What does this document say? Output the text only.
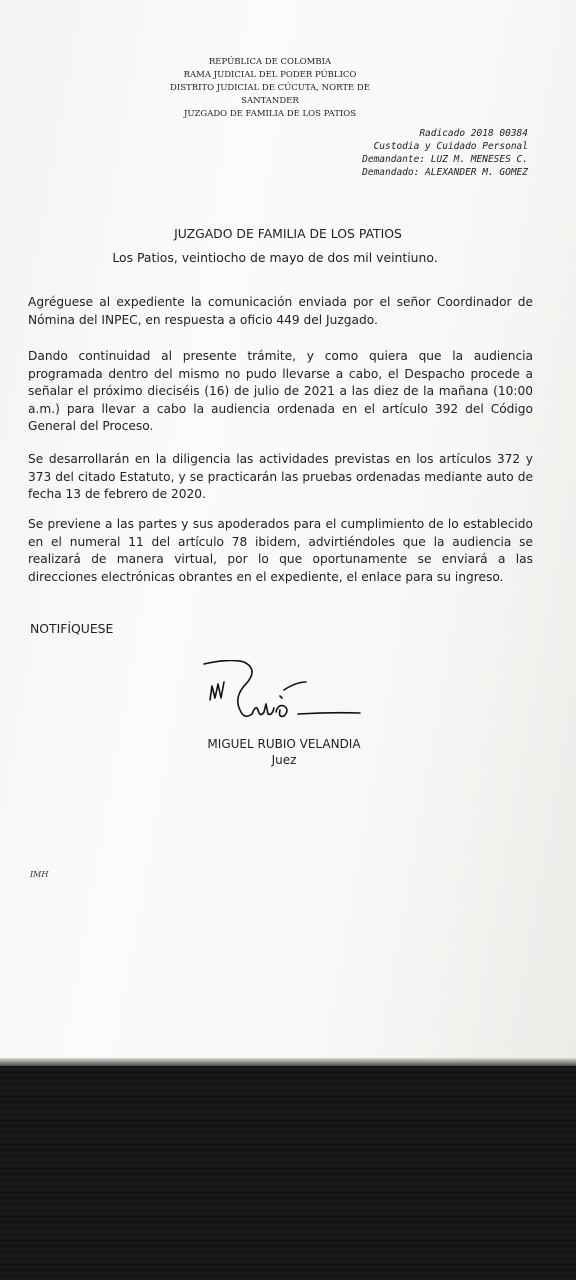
REPÚBLICA DE COLOMBIA
RAMA JUDICIAL DEL PODER PÚBLICO
DISTRITO JUDICIAL DE CÚCUTA, NORTE DE SANTANDER
JUZGADO DE FAMILIA DE LOS PATIOS
Radicado 2018 00384
Custodia y Cuidado Personal
Demandante: LUZ M. MENESES C.
Demandado: ALEXANDER M. GOMEZ
JUZGADO DE FAMILIA DE LOS PATIOS
Los Patios, veintiocho de mayo de dos mil veintiuno.
Agréguese al expediente la comunicación enviada por el señor Coordinador de Nómina del INPEC, en respuesta a oficio 449 del Juzgado.
Dando continuidad al presente trámite, y como quiera que la audiencia programada dentro del mismo no pudo llevarse a cabo, el Despacho procede a señalar el próximo dieciséis (16) de julio de 2021 a las diez de la mañana (10:00 a.m.) para llevar a cabo la audiencia ordenada en el artículo 392 del Código General del Proceso.
Se desarrollarán en la diligencia las actividades previstas en los artículos 372 y 373 del citado Estatuto, y se practicarán las pruebas ordenadas mediante auto de fecha 13 de febrero de 2020.
Se previene a las partes y sus apoderados para el cumplimiento de lo establecido en el numeral 11 del artículo 78 ibidem, advirtiéndoles que la audiencia se realizará de manera virtual, por lo que oportunamente se enviará a las direcciones electrónicas obrantes en el expediente, el enlace para su ingreso.
NOTIFÍQUESE
MIGUEL RUBIO VELANDIA
Juez
IMH
